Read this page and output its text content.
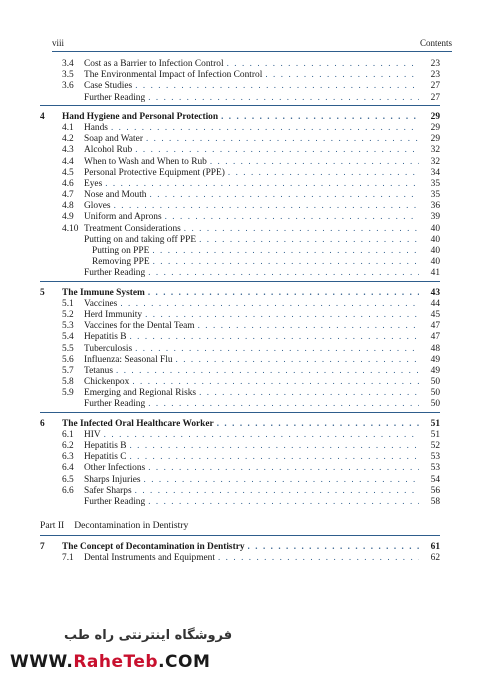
viii	Contents
3.4	Cost as a Barrier to Infection Control . . .	23
3.5	The Environmental Impact of Infection Control . . .	23
3.6	Case Studies . . .	27
Further Reading . . .	27
4	Hand Hygiene and Personal Protection . . .	29
4.1	Hands . . .	29
4.2	Soap and Water . . .	29
4.3	Alcohol Rub . . .	32
4.4	When to Wash and When to Rub . . .	32
4.5	Personal Protective Equipment (PPE) . . .	34
4.6	Eyes . . .	35
4.7	Nose and Mouth . . .	35
4.8	Gloves . . .	36
4.9	Uniform and Aprons . . .	39
4.10 Treatment Considerations . . .	40
Putting on and taking off PPE . . .	40
Putting on PPE . . .	40
Removing PPE . . .	40
Further Reading . . .	41
5	The Immune System . . .	43
5.1	Vaccines . . .	44
5.2	Herd Immunity . . .	45
5.3	Vaccines for the Dental Team . . .	47
5.4	Hepatitis B . . .	47
5.5	Tuberculosis . . .	48
5.6	Influenza: Seasonal Flu . . .	49
5.7	Tetanus . . .	49
5.8	Chickenpox . . .	50
5.9	Emerging and Regional Risks . . .	50
Further Reading . . .	50
6	The Infected Oral Healthcare Worker . . .	51
6.1	HIV . . .	51
6.2	Hepatitis B . . .	52
6.3	Hepatitis C . . .	53
6.4	Other Infections . . .	53
6.5	Sharps Injuries . . .	54
6.6	Safer Sharps . . .	56
Further Reading . . .	58
Part II Decontamination in Dentistry
7	The Concept of Decontamination in Dentistry . . .	61
7.1	Dental Instruments and Equipment . . .	62
فروشگاه اینترنتی راه طب
WWW.RaheTeb.COM
